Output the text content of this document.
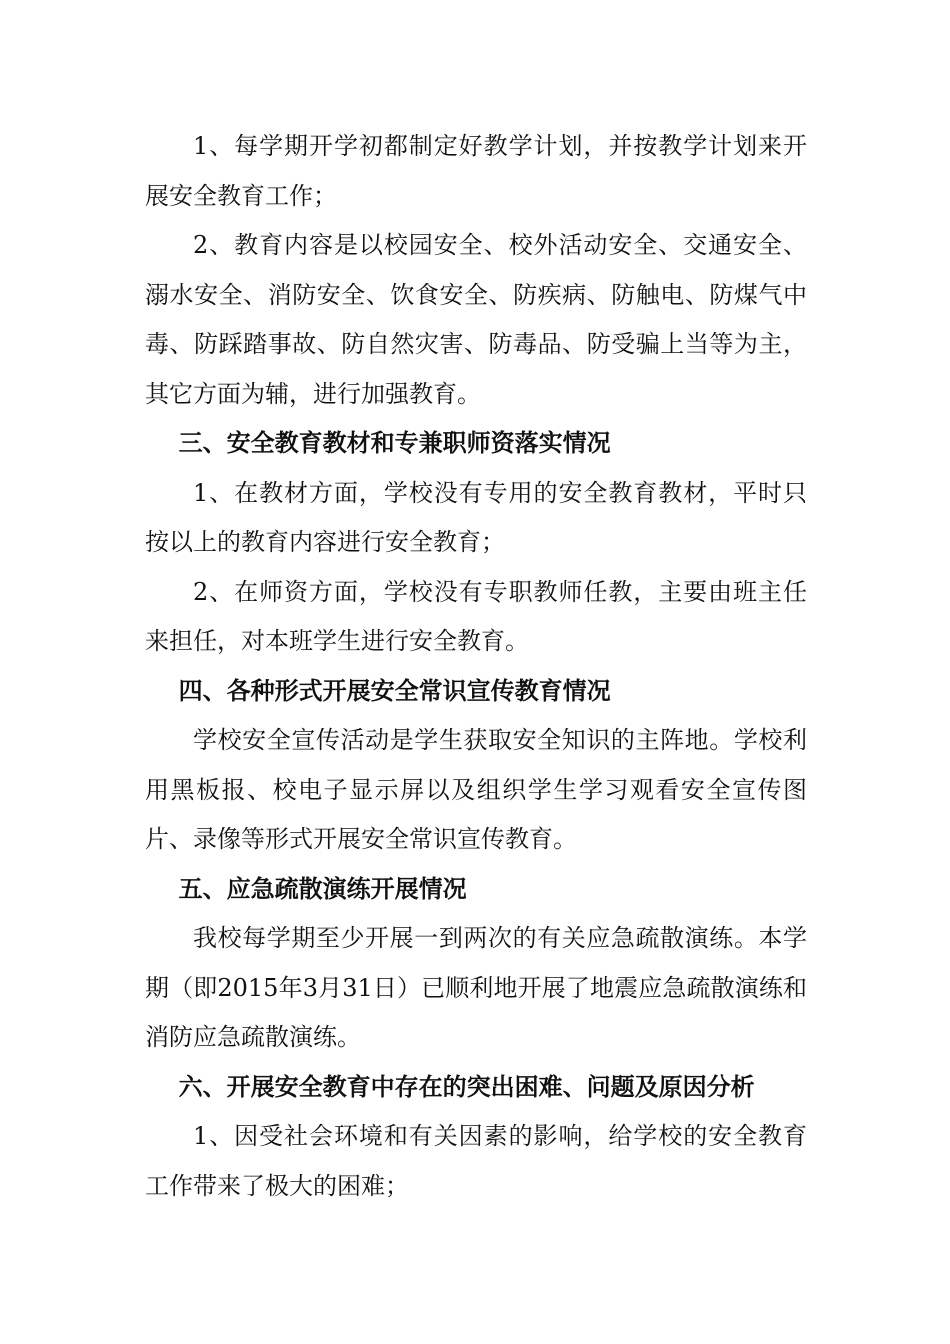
1、每学期开学初都制定好教学计划，并按教学计划来开展安全教育工作；

2、教育内容是以校园安全、校外活动安全、交通安全、溺水安全、消防安全、饮食安全、防疾病、防触电、防煤气中毒、防踩踏事故、防自然灾害、防毒品、防受骗上当等为主，其它方面为辅，进行加强教育。

三、安全教育教材和专兼职师资落实情况

1、在教材方面，学校没有专用的安全教育教材，平时只按以上的教育内容进行安全教育；

2、在师资方面，学校没有专职教师任教，主要由班主任来担任，对本班学生进行安全教育。

四、各种形式开展安全常识宣传教育情况

学校安全宣传活动是学生获取安全知识的主阵地。学校利用黑板报、校电子显示屏以及组织学生学习观看安全宣传图片、录像等形式开展安全常识宣传教育。

五、应急疏散演练开展情况

我校每学期至少开展一到两次的有关应急疏散演练。本学期（即2015年3月31日）已顺利地开展了地震应急疏散演练和消防应急疏散演练。

六、开展安全教育中存在的突出困难、问题及原因分析

1、因受社会环境和有关因素的影响，给学校的安全教育工作带来了极大的困难；
